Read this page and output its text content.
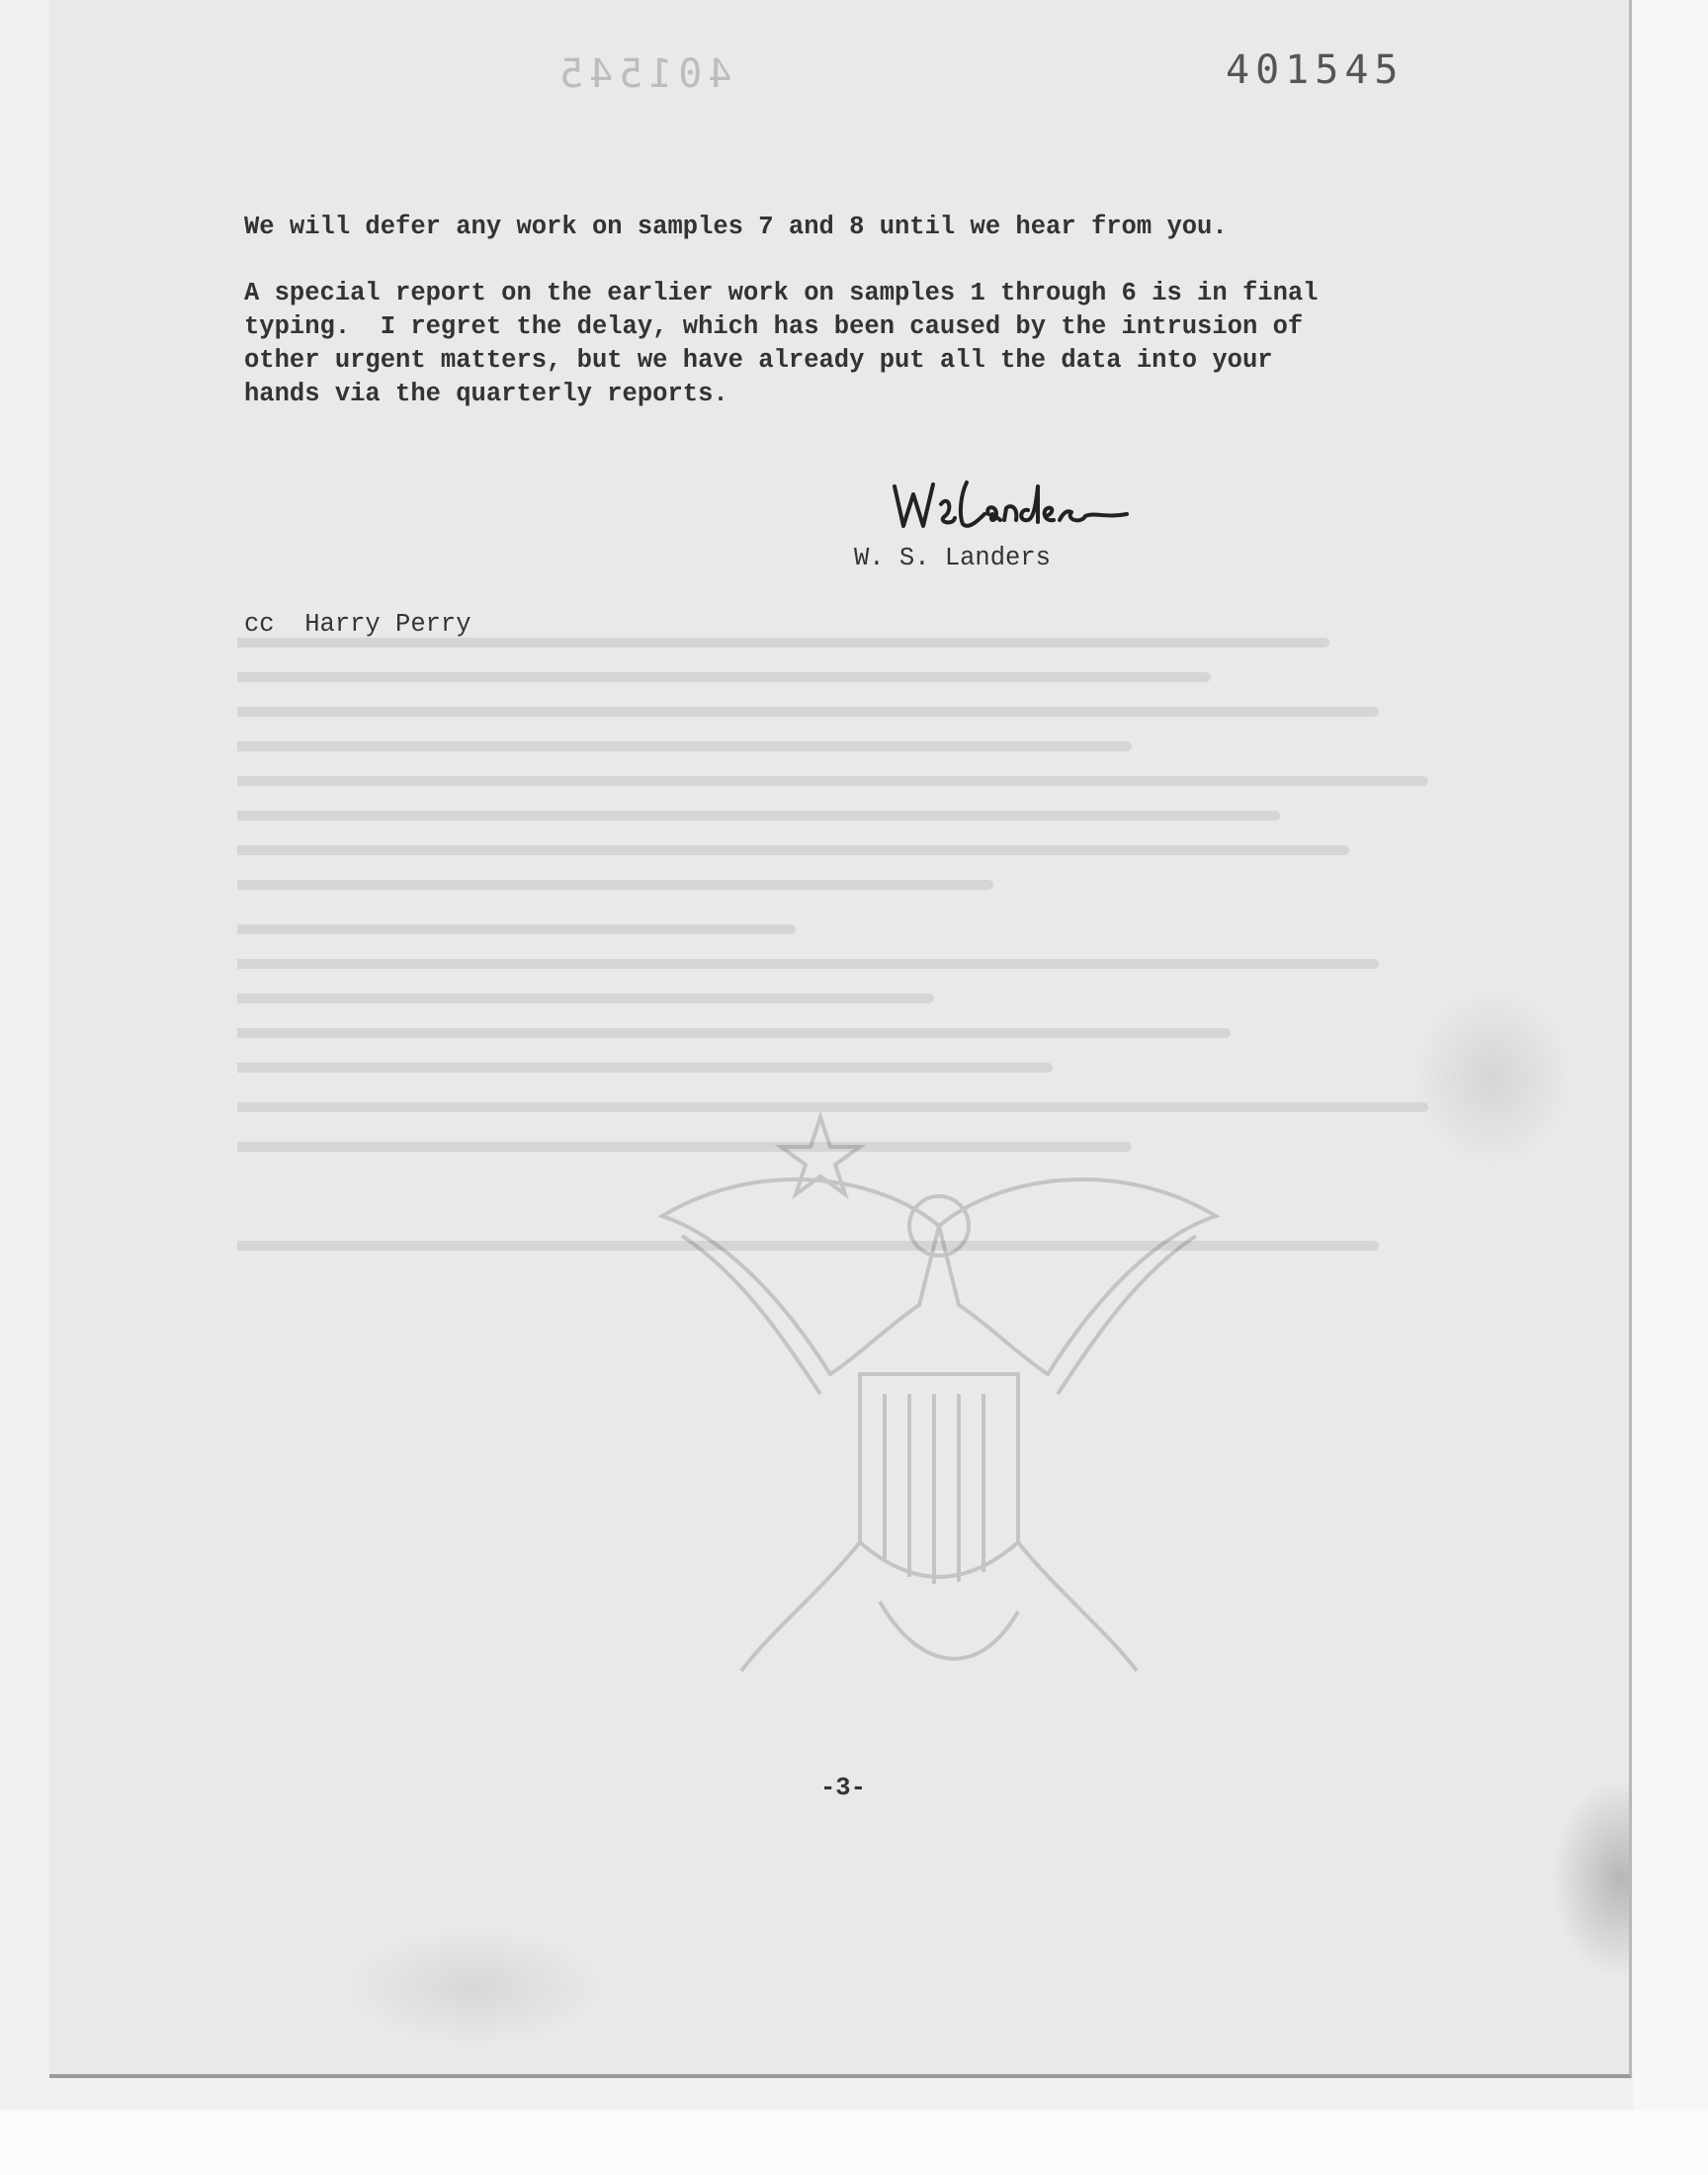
401545	401545

We will defer any work on samples 7 and 8 until we hear from you.

A special report on the earlier work on samples 1 through 6 is in final
typing.  I regret the delay, which has been caused by the intrusion of
other urgent matters, but we have already put all the data into your
hands via the quarterly reports.

W. S. Landers
W. S. Landers
cc  Harry Perry
-3-
